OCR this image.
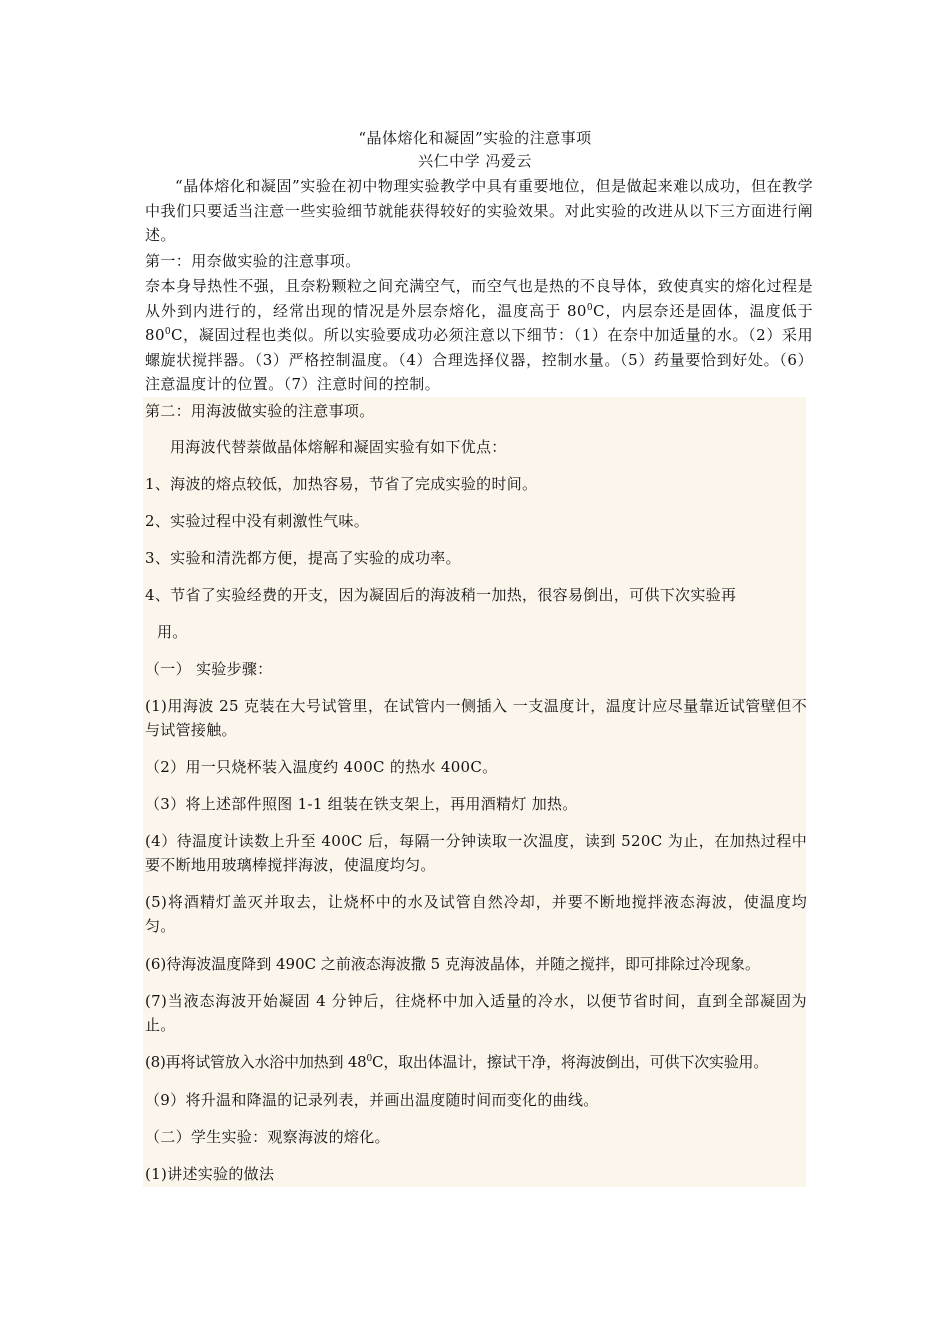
“晶体熔化和凝固”实验的注意事项
兴仁中学 冯爱云
“晶体熔化和凝固”实验在初中物理实验教学中具有重要地位，但是做起来难以成功，但在教学中我们只要适当注意一些实验细节就能获得较好的实验效果。对此实验的改进从以下三方面进行阐述。
第一：用奈做实验的注意事项。
奈本身导热性不强，且奈粉颗粒之间充满空气，而空气也是热的不良导体，致使真实的熔化过程是从外到内进行的，经常出现的情况是外层奈熔化，温度高于 $80^0C$，内层奈还是固体，温度低于 $80^0C$，凝固过程也类似。所以实验要成功必须注意以下细节：（1）在奈中加适量的水。（2）采用螺旋状搅拌器。（3）严格控制温度。（4）合理选择仪器，控制水量。（5）药量要恰到好处。（6）注意温度计的位置。（7）注意时间的控制。
第二：用海波做实验的注意事项。
用海波代替萘做晶体熔解和凝固实验有如下优点：
1、海波的熔点较低，加热容易，节省了完成实验的时间。
2、实验过程中没有刺激性气味。
3、实验和清洗都方便，提高了实验的成功率。
4、节省了实验经费的开支，因为凝固后的海波稍一加热，很容易倒出，可供下次实验再
用。
（一） 实验步骤：
(1)用海波 25 克装在大号试管里，在试管内一侧插入 一支温度计，温度计应尽量靠近试管壁但不与试管接触。
（2）用一只烧杯装入温度约 400C 的热水 400C。
（3）将上述部件照图 1-1 组装在铁支架上，再用酒精灯 加热。
(4）待温度计读数上升至 400C 后，每隔一分钟读取一次温度，读到 520C 为止，在加热过程中要不断地用玻璃棒搅拌海波，使温度均匀。
(5)将酒精灯盖灭并取去，让烧杯中的水及试管自然冷却，并要不断地搅拌液态海波，使温度均匀。
(6)待海波温度降到 490C 之前液态海波撒 5 克海波晶体，并随之搅拌，即可排除过冷现象。
(7)当液态海波开始凝固 4 分钟后，往烧杯中加入适量的冷水，以便节省时间，直到全部凝固为止。
(8)再将试管放入水浴中加热到 $48^0C$，取出体温计，擦试干净，将海波倒出，可供下次实验用。
（9）将升温和降温的记录列表，并画出温度随时间而变化的曲线。
（二）学生实验：观察海波的熔化。
(1)讲述实验的做法
